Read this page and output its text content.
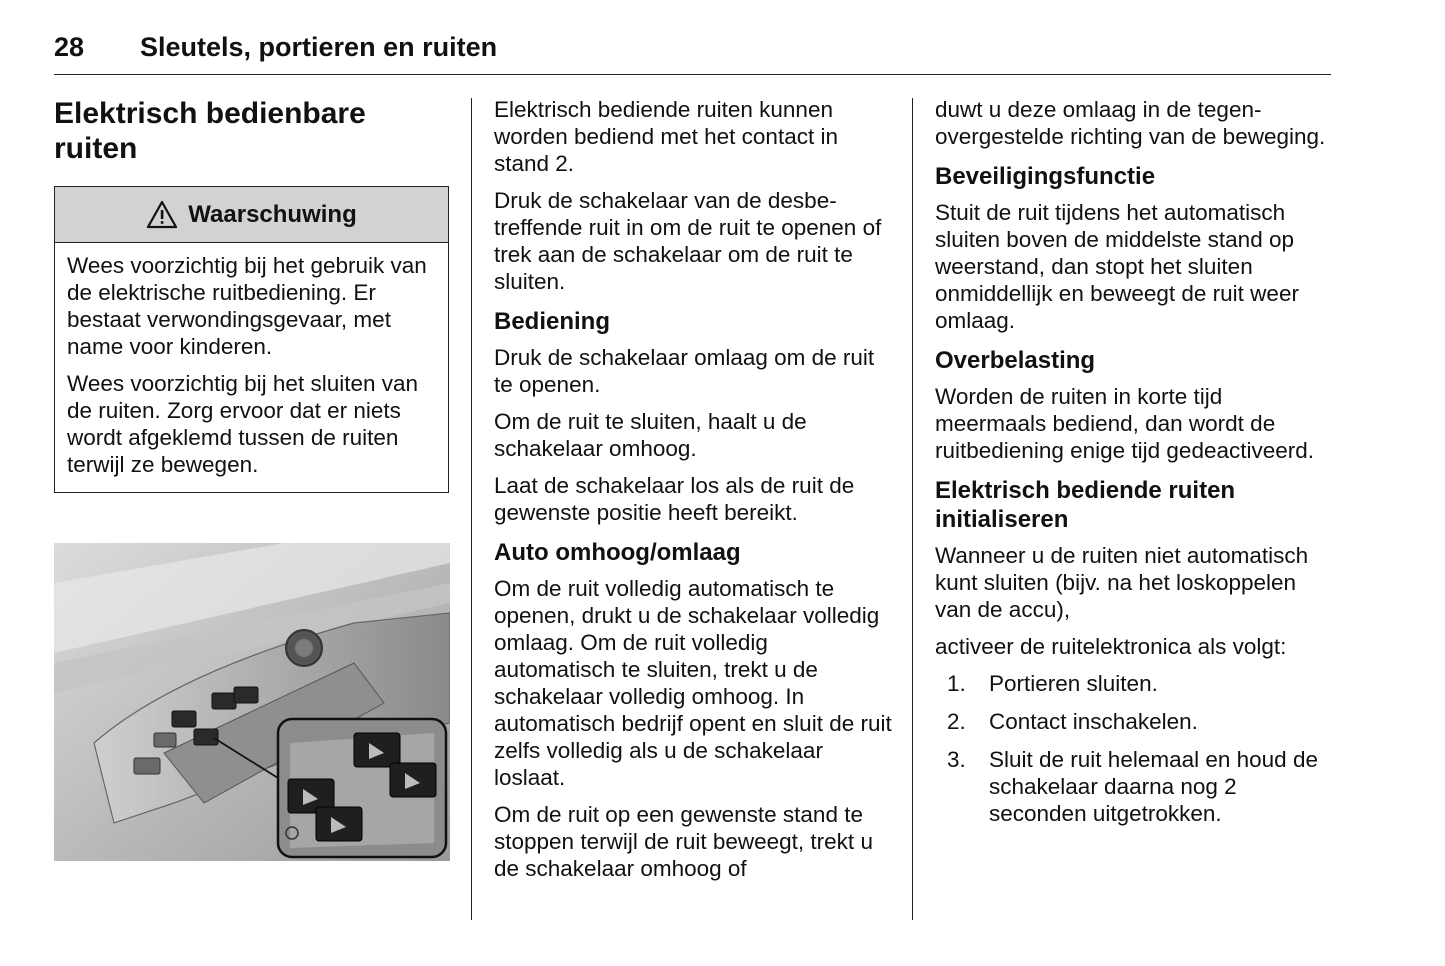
28 Sleutels, portieren en ruiten
Elektrisch bedienbare ruiten
Waarschuwing

Wees voorzichtig bij het gebruik van de elektrische ruitbediening. Er bestaat verwondingsgevaar, met name voor kinderen.

Wees voorzichtig bij het sluiten van de ruiten. Zorg ervoor dat er niets wordt afgeklemd tussen de ruiten terwijl ze bewegen.

Elektrisch bediende ruiten kunnen worden bediend met het contact in stand 2.

Druk de schakelaar van de desbetreffende ruit in om de ruit te openen of trek aan de schakelaar om de ruit te sluiten.

Bediening

Druk de schakelaar omlaag om de ruit te openen.

Om de ruit te sluiten, haalt u de schakelaar omhoog.

Laat de schakelaar los als de ruit de gewenste positie heeft bereikt.

Auto omhoog/omlaag

Om de ruit volledig automatisch te openen, drukt u de schakelaar volledig omlaag. Om de ruit volledig automatisch te sluiten, trekt u de schakelaar volledig omhoog. In automatisch bedrijf opent en sluit de ruit zelfs volledig als u de schakelaar loslaat.

Om de ruit op een gewenste stand te stoppen terwijl de ruit beweegt, trekt u de schakelaar omhoog of

duwt u deze omlaag in de tegenovergestelde richting van de beweging.

Beveiligingsfunctie

Stuit de ruit tijdens het automatisch sluiten boven de middelste stand op weerstand, dan stopt het sluiten onmiddellijk en beweegt de ruit weer omlaag.

Overbelasting

Worden de ruiten in korte tijd meermaals bediend, dan wordt de ruitbediening enige tijd gedeactiveerd.

Elektrisch bediende ruiten initialiseren

Wanneer u de ruiten niet automatisch kunt sluiten (bijv. na het loskoppelen van de accu),

activeer de ruitelektronica als volgt:

1.	Portieren sluiten.
2.	Contact inschakelen.
3.	Sluit de ruit helemaal en houd de schakelaar daarna nog 2 seconden uitgetrokken.
